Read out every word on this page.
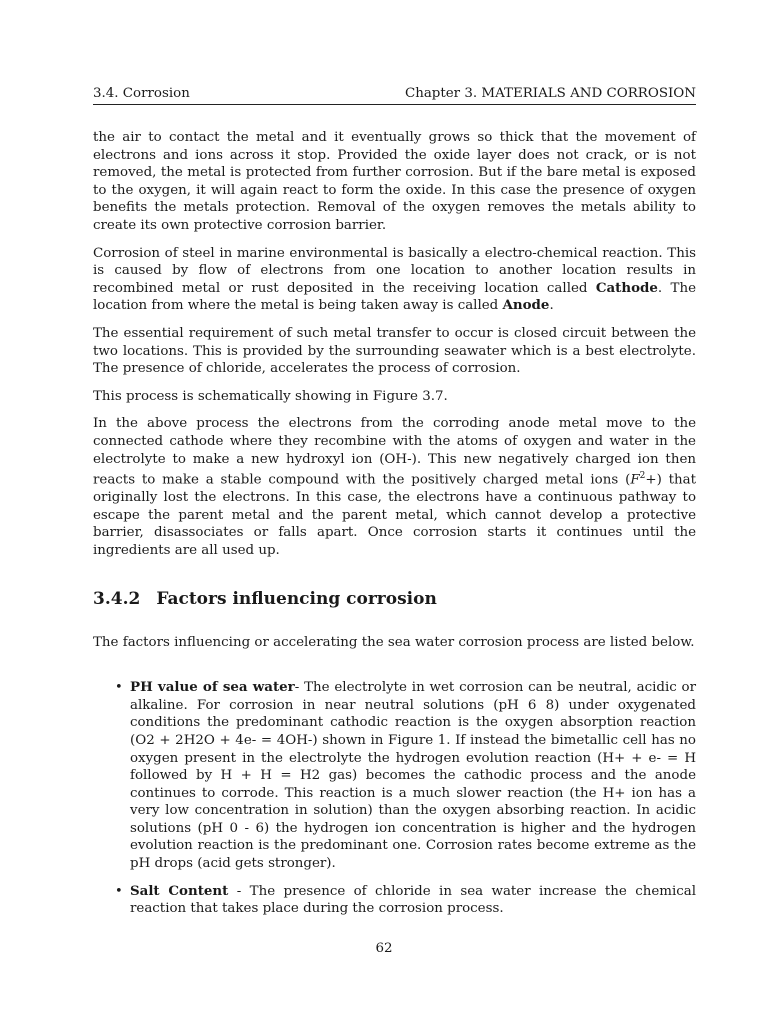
3.4. Corrosion	Chapter 3. MATERIALS AND CORROSION

the air to contact the metal and it eventually grows so thick that the movement of electrons and ions across it stop. Provided the oxide layer does not crack, or is not removed, the metal is protected from further corrosion. But if the bare metal is exposed to the oxygen, it will again react to form the oxide. In this case the presence of oxygen benefits the metals protection. Removal of the oxygen removes the metals ability to create its own protective corrosion barrier.

Corrosion of steel in marine environmental is basically a electro-chemical reaction. This is caused by flow of electrons from one location to another location results in recombined metal or rust deposited in the receiving location called Cathode. The location from where the metal is being taken away is called Anode.

The essential requirement of such metal transfer to occur is closed circuit between the two locations. This is provided by the surrounding seawater which is a best electrolyte. The presence of chloride, accelerates the process of corrosion.

This process is schematically showing in Figure 3.7.

In the above process the electrons from the corroding anode metal move to the connected cathode where they recombine with the atoms of oxygen and water in the electrolyte to make a new hydroxyl ion (OH-). This new negatively charged ion then reacts to make a stable compound with the positively charged metal ions $(F^2+)$ that originally lost the electrons. In this case, the electrons have a continuous pathway to escape the parent metal and the parent metal, which cannot develop a protective barrier, disassociates or falls apart. Once corrosion starts it continues until the ingredients are all used up.

3.4.2 Factors influencing corrosion

The factors influencing or accelerating the sea water corrosion process are listed below.

• PH value of sea water- The electrolyte in wet corrosion can be neutral, acidic or alkaline. For corrosion in near neutral solutions (pH 6 8) under oxygenated conditions the predominant cathodic reaction is the oxygen absorption reaction (O2 + 2H2O + 4e- = 4OH-) shown in Figure 1. If instead the bimetallic cell has no oxygen present in the electrolyte the hydrogen evolution reaction (H+ + e- = H followed by H + H = H2 gas) becomes the cathodic process and the anode continues to corrode. This reaction is a much slower reaction (the H+ ion has a very low concentration in solution) than the oxygen absorbing reaction. In acidic solutions (pH 0 - 6) the hydrogen ion concentration is higher and the hydrogen evolution reaction is the predominant one. Corrosion rates become extreme as the pH drops (acid gets stronger).
• Salt Content - The presence of chloride in sea water increase the chemical reaction that takes place during the corrosion process.
62
